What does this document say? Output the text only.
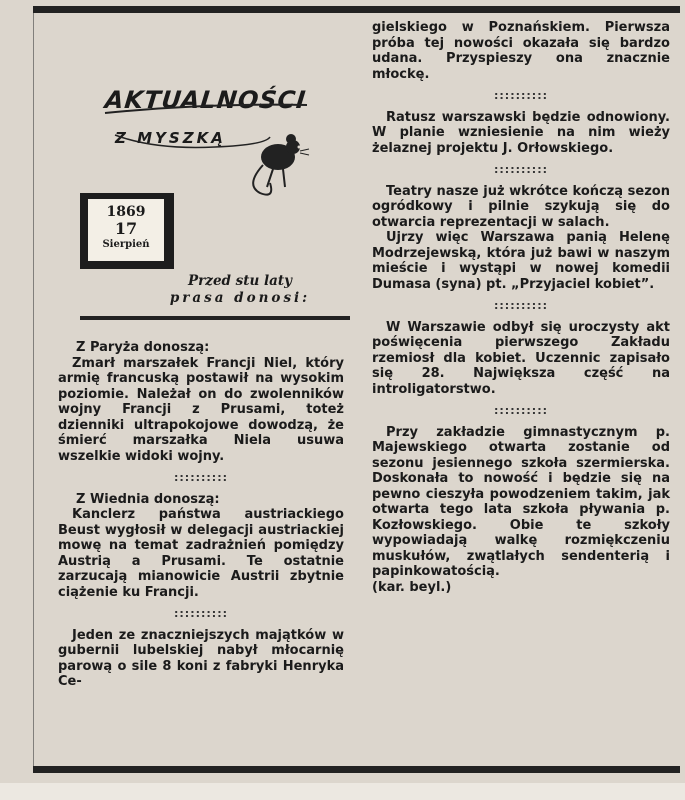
AKTUALNOŚCI
Z MYSZKĄ
1869
17
Sierpień
Przed stu laty
prasa donosi:

Z Paryża donoszą:

Zmarł marszałek Francji Niel, który armię francuską postawił na wysokim poziomie. Należał on do zwolenników wojny Francji z Prusami, toteż dzienniki ultrapokojowe dowodzą, że śmierć marszałka Niela usuwa wszelkie widoki wojny.

::::::::::

Z Wiednia donoszą:

Kanclerz państwa austriackiego Beust wygłosił w delegacji austriackiej mowę na temat zadrażnień pomiędzy Austrią a Prusami. Te ostatnie zarzucają mianowicie Austrii zbytnie ciążenie ku Francji.

::::::::::

Jeden ze znaczniejszych majątków w gubernii lubelskiej nabył młocarnię parową o sile 8 koni z fabryki Henryka Ce-

gielskiego w Poznańskiem. Pierwsza próba tej nowości okazała się bardzo udana. Przyspieszy ona znacznie młockę.

::::::::::

Ratusz warszawski będzie odnowiony. W planie wzniesienie na nim wieży żelaznej projektu J. Orłowskiego.

::::::::::

Teatry nasze już wkrótce kończą sezon ogródkowy i pilnie szykują się do otwarcia reprezentacji w salach.

Ujrzy więc Warszawa panią Helenę Modrzejewską, która już bawi w naszym mieście i wystąpi w nowej komedii Dumasa (syna) pt. „Przyjaciel kobiet”.

::::::::::

W Warszawie odbył się uroczysty akt poświęcenia pierwszego Zakładu rzemiosł dla kobiet. Uczennic zapisało się 28. Największa część na introligatorstwo.

::::::::::

Przy zakładzie gimnastycznym p. Majewskiego otwarta zostanie od sezonu jesiennego szkoła szermierska. Doskonała to nowość i będzie się na pewno cieszyła powodzeniem takim, jak otwarta tego lata szkoła pływania p. Kozłowskiego. Obie te szkoły wypowiadają walkę rozmiękczeniu muskułów, zwątlałych sendenterią i papinkowatością.

(kar. beyl.)
